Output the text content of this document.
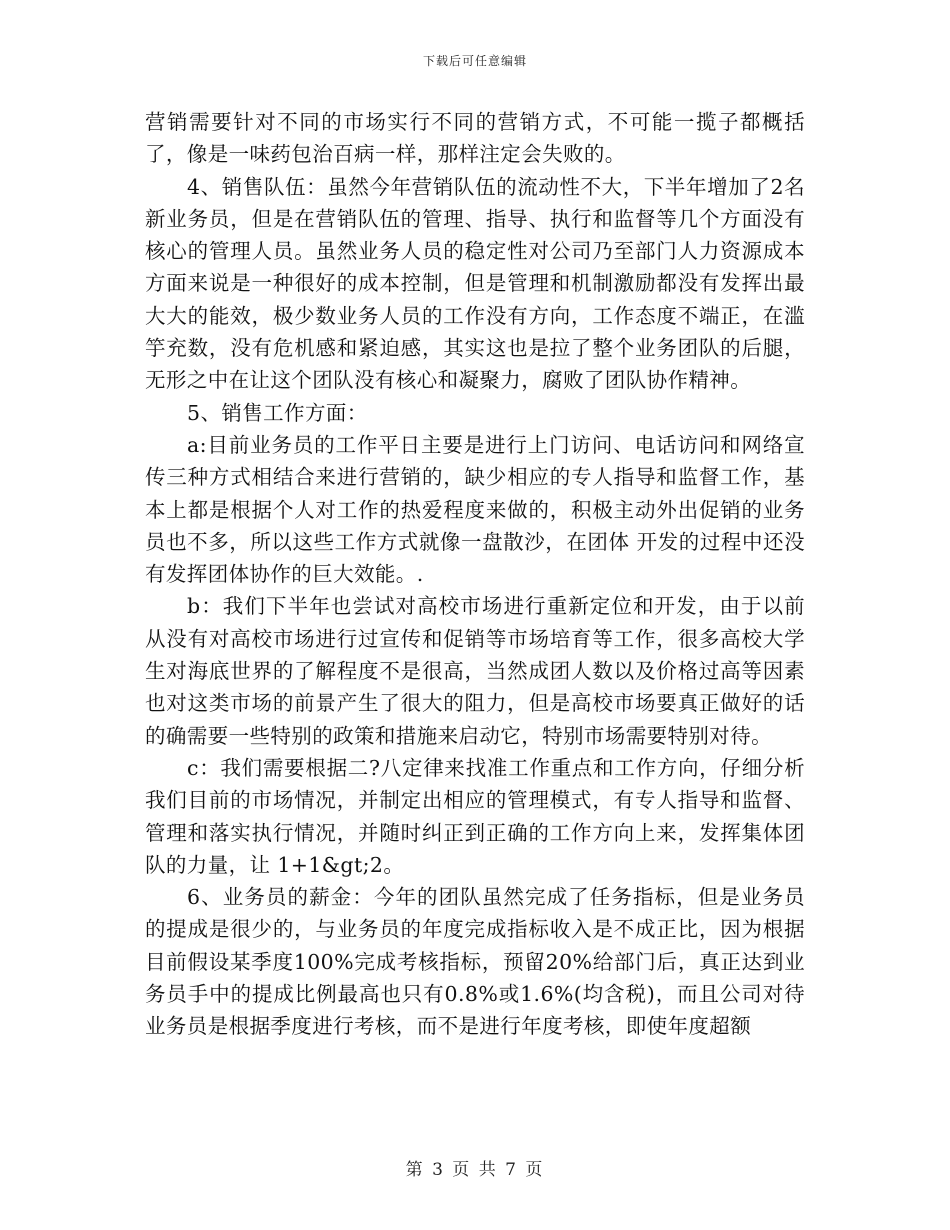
下载后可任意编辑

营销需要针对不同的市场实行不同的营销方式，不可能一揽子都概括了，像是一味药包治百病一样，那样注定会失败的。

4、销售队伍：虽然今年营销队伍的流动性不大，下半年增加了2名新业务员，但是在营销队伍的管理、指导、执行和监督等几个方面没有核心的管理人员。虽然业务人员的稳定性对公司乃至部门人力资源成本方面来说是一种很好的成本控制，但是管理和机制激励都没有发挥出最大大的能效，极少数业务人员的工作没有方向，工作态度不端正，在滥竽充数，没有危机感和紧迫感，其实这也是拉了整个业务团队的后腿，无形之中在让这个团队没有核心和凝聚力，腐败了团队协作精神。

5、销售工作方面：

a:目前业务员的工作平日主要是进行上门访问、电话访问和网络宣传三种方式相结合来进行营销的，缺少相应的专人指导和监督工作，基本上都是根据个人对工作的热爱程度来做的，积极主动外出促销的业务员也不多，所以这些工作方式就像一盘散沙，在团体 开发的过程中还没有发挥团体协作的巨大效能。.

b：我们下半年也尝试对高校市场进行重新定位和开发，由于以前从没有对高校市场进行过宣传和促销等市场培育等工作，很多高校大学生对海底世界的了解程度不是很高，当然成团人数以及价格过高等因素也对这类市场的前景产生了很大的阻力，但是高校市场要真正做好的话的确需要一些特别的政策和措施来启动它，特别市场需要特别对待。

c：我们需要根据二?八定律来找准工作重点和工作方向，仔细分析我们目前的市场情况，并制定出相应的管理模式，有专人指导和监督、管理和落实执行情况，并随时纠正到正确的工作方向上来，发挥集体团队的力量，让 1+1&gt;2。

6、业务员的薪金：今年的团队虽然完成了任务指标，但是业务员的提成是很少的，与业务员的年度完成指标收入是不成正比，因为根据目前假设某季度100%完成考核指标，预留20%给部门后，真正达到业务员手中的提成比例最高也只有0.8%或1.6%(均含税)，而且公司对待业务员是根据季度进行考核，而不是进行年度考核，即使年度超额

第 3 页 共 7 页
